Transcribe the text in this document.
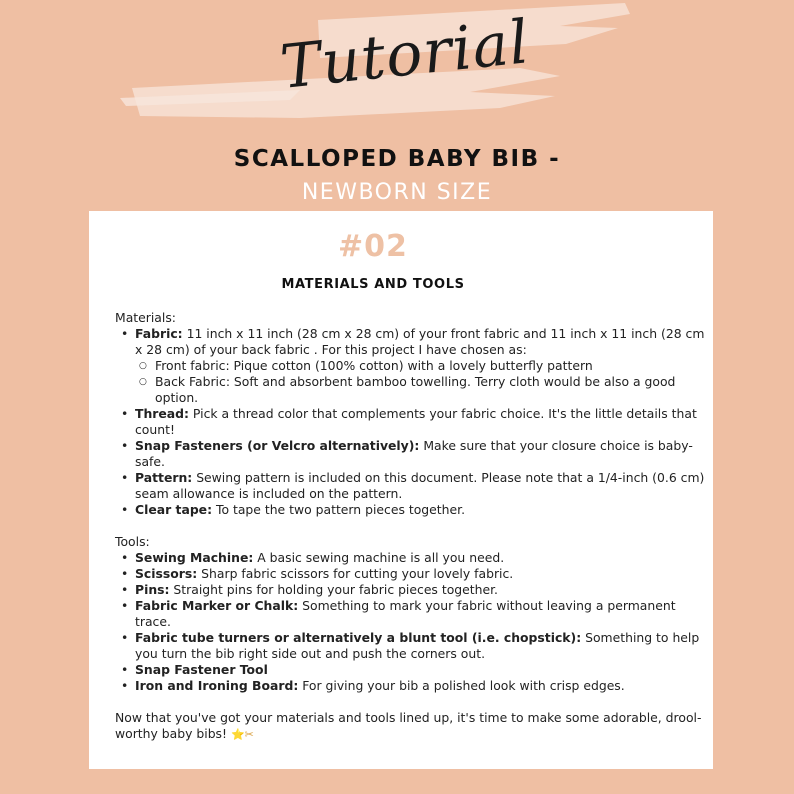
Tutorial
SCALLOPED BABY BIB -
NEWBORN SIZE
#02
MATERIALS AND TOOLS

Materials:

• Fabric: 11 inch x 11 inch (28 cm x 28 cm) of your front fabric and 11 inch x 11 inch (28 cm x 28 cm) of your back fabric . For this project I have chosen as:
○ Front fabric: Pique cotton (100% cotton) with a lovely butterfly pattern
○ Back Fabric: Soft and absorbent bamboo towelling. Terry cloth would be also a good option.
• Thread: Pick a thread color that complements your fabric choice. It's the little details that count!
• Snap Fasteners (or Velcro alternatively): Make sure that your closure choice is baby-safe.
• Pattern: Sewing pattern is included on this document. Please note that a 1/4-inch (0.6 cm) seam allowance is included on the pattern.
• Clear tape: To tape the two pattern pieces together.

Tools:

• Sewing Machine: A basic sewing machine is all you need.
• Scissors: Sharp fabric scissors for cutting your lovely fabric.
• Pins: Straight pins for holding your fabric pieces together.
• Fabric Marker or Chalk: Something to mark your fabric without leaving a permanent trace.
• Fabric tube turners or alternatively a blunt tool (i.e. chopstick): Something to help you turn the bib right side out and push the corners out.
• Snap Fastener Tool
• Iron and Ironing Board: For giving your bib a polished look with crisp edges.

Now that you've got your materials and tools lined up, it's time to make some adorable, drool-worthy baby bibs! ⭐✂
